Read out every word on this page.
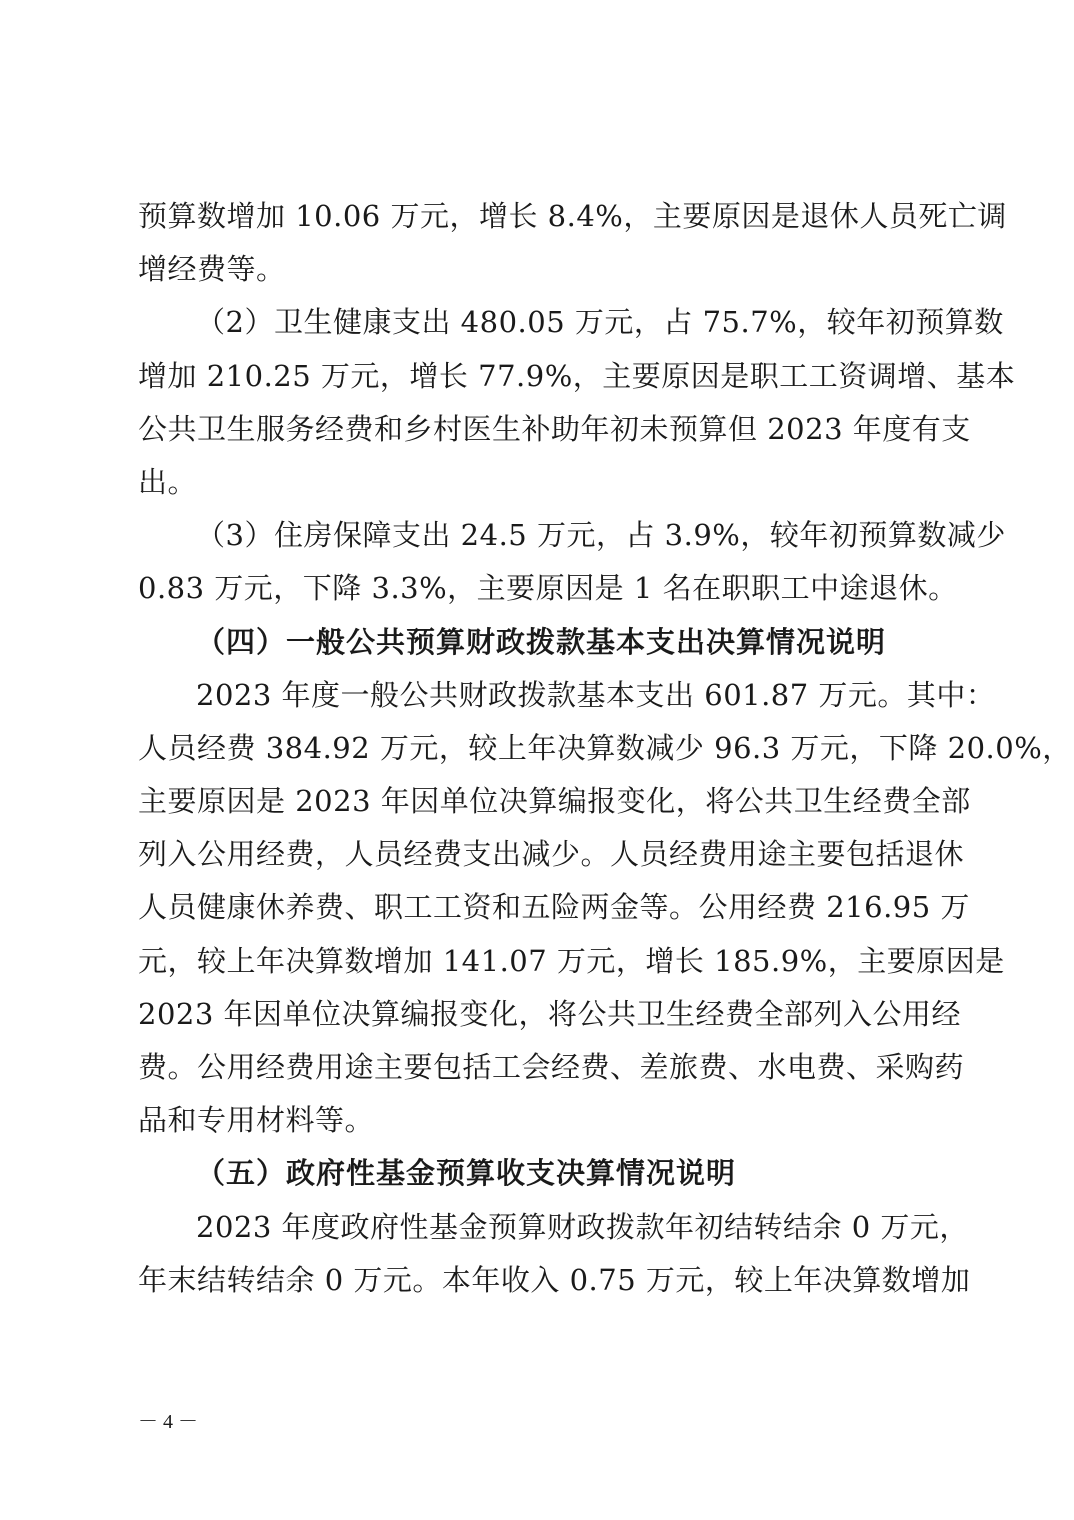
预算数增加 10.06 万元，增长 8.4%，主要原因是退休人员死亡调
增经费等。
（2）卫生健康支出 480.05 万元，占 75.7%，较年初预算数
增加 210.25 万元，增长 77.9%，主要原因是职工工资调增、基本
公共卫生服务经费和乡村医生补助年初未预算但 2023 年度有支
出。
（3）住房保障支出 24.5 万元，占 3.9%，较年初预算数减少
0.83 万元，下降 3.3%，主要原因是 1 名在职职工中途退休。
（四）一般公共预算财政拨款基本支出决算情况说明
2023 年度一般公共财政拨款基本支出 601.87 万元。其中：
人员经费 384.92 万元，较上年决算数减少 96.3 万元，下降 20.0%，
主要原因是 2023 年因单位决算编报变化，将公共卫生经费全部
列入公用经费，人员经费支出减少。人员经费用途主要包括退休
人员健康休养费、职工工资和五险两金等。公用经费 216.95 万
元，较上年决算数增加 141.07 万元，增长 185.9%，主要原因是
2023 年因单位决算编报变化，将公共卫生经费全部列入公用经
费。公用经费用途主要包括工会经费、差旅费、水电费、采购药
品和专用材料等。
（五）政府性基金预算收支决算情况说明
2023 年度政府性基金预算财政拨款年初结转结余 0 万元，
年末结转结余 0 万元。本年收入 0.75 万元，较上年决算数增加
－ 4 －
